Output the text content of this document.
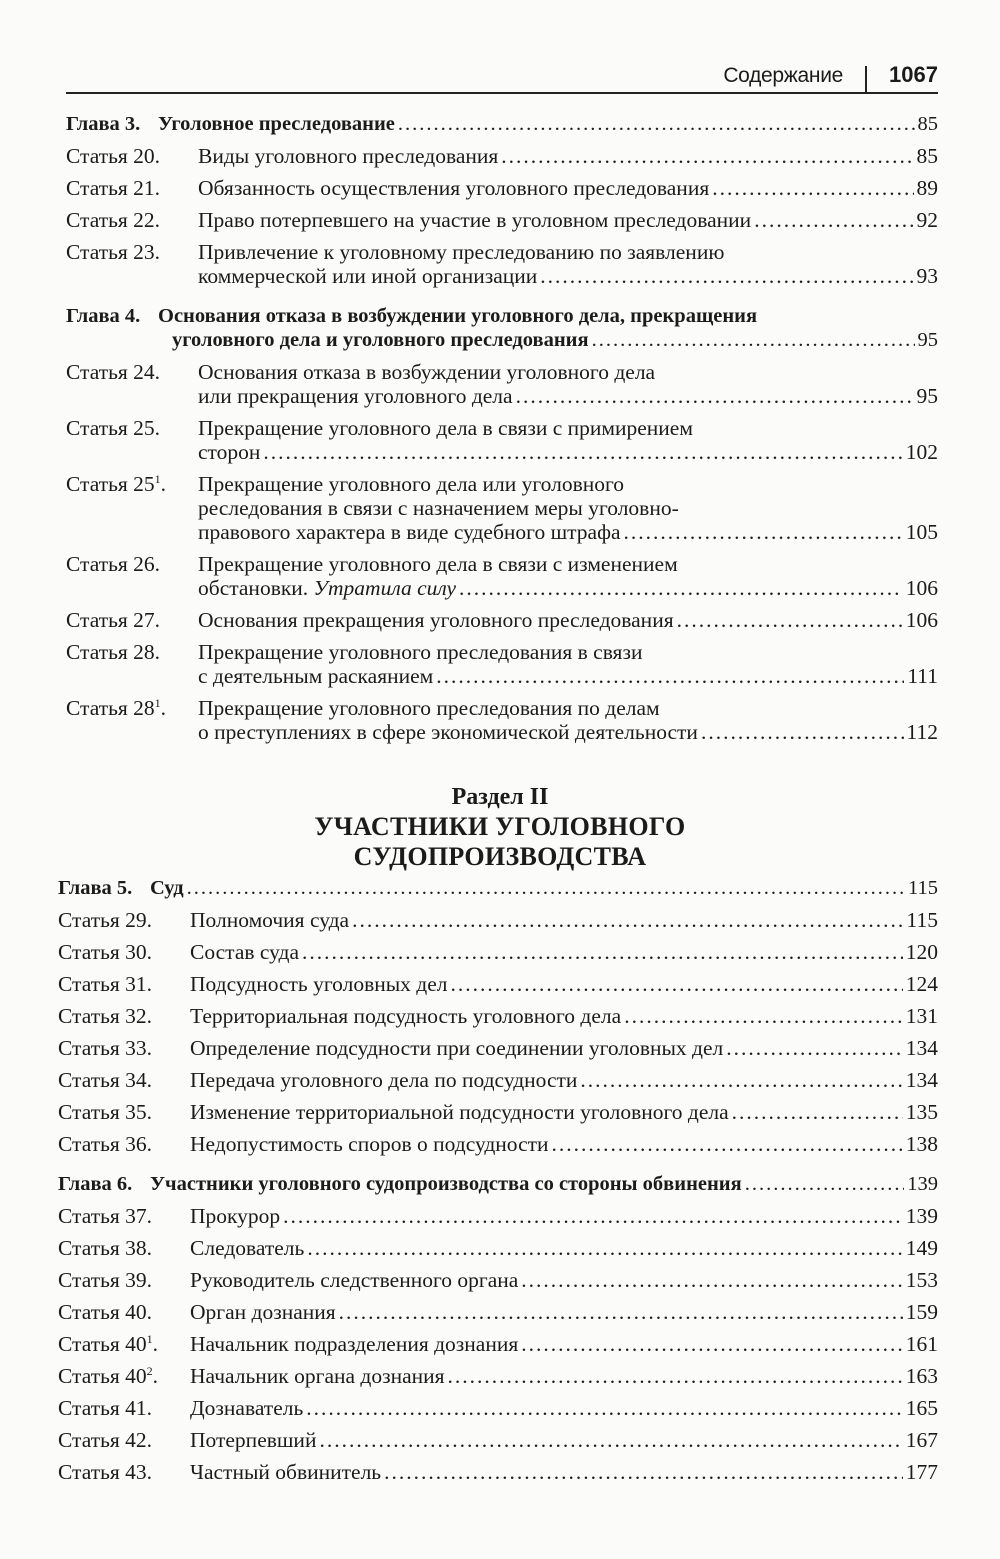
Содержание 1067
Глава 3. Уголовное преследование .....	85
Статья 20.	Виды уголовного преследования .....	85
Статья 21.	Обязанность осуществления уголовного преследования .....	89
Статья 22.	Право потерпевшего на участие в уголовном преследовании .....	92
Статья 23.	Привлечение к уголовному преследованию по заявлению
коммерческой или иной организации .....	93
Глава 4. Основания отказа в возбуждении уголовного дела, прекращения
уголовного дела и уголовного преследования .....	95
Статья 24.	Основания отказа в возбуждении уголовного дела
или прекращения уголовного дела .....	95
Статья 25.	Прекращение уголовного дела в связи с примирением
сторон .....	102
Статья $25^1$.	Прекращение уголовного дела или уголовного
реследования в связи с назначением меры уголовно-
правового характера в виде судебного штрафа .....	105
Статья 26.	Прекращение уголовного дела в связи с изменением
обстановки. Утратила силу .....	106
Статья 27.	Основания прекращения уголовного преследования .....	106
Статья 28.	Прекращение уголовного преследования в связи
с деятельным раскаянием .....	111
Статья $28^1$.	Прекращение уголовного преследования по делам
о преступлениях в сфере экономической деятельности .....	112
Раздел II
УЧАСТНИКИ УГОЛОВНОГО
СУДОПРОИЗВОДСТВА
Глава 5. Суд .....	115
Статья 29.	Полномочия суда .....	115
Статья 30.	Состав суда .....	120
Статья 31.	Подсудность уголовных дел .....	124
Статья 32.	Территориальная подсудность уголовного дела .....	131
Статья 33.	Определение подсудности при соединении уголовных дел .....	134
Статья 34.	Передача уголовного дела по подсудности .....	134
Статья 35.	Изменение территориальной подсудности уголовного дела .....	135
Статья 36.	Недопустимость споров о подсудности .....	138
Глава 6. Участники уголовного судопроизводства со стороны обвинения .....	139
Статья 37.	Прокурор .....	139
Статья 38.	Следователь .....	149
Статья 39.	Руководитель следственного органа .....	153
Статья 40.	Орган дознания .....	159
Статья $40^1$.	Начальник подразделения дознания .....	161
Статья $40^2$.	Начальник органа дознания .....	163
Статья 41.	Дознаватель .....	165
Статья 42.	Потерпевший .....	167
Статья 43.	Частный обвинитель .....	177
